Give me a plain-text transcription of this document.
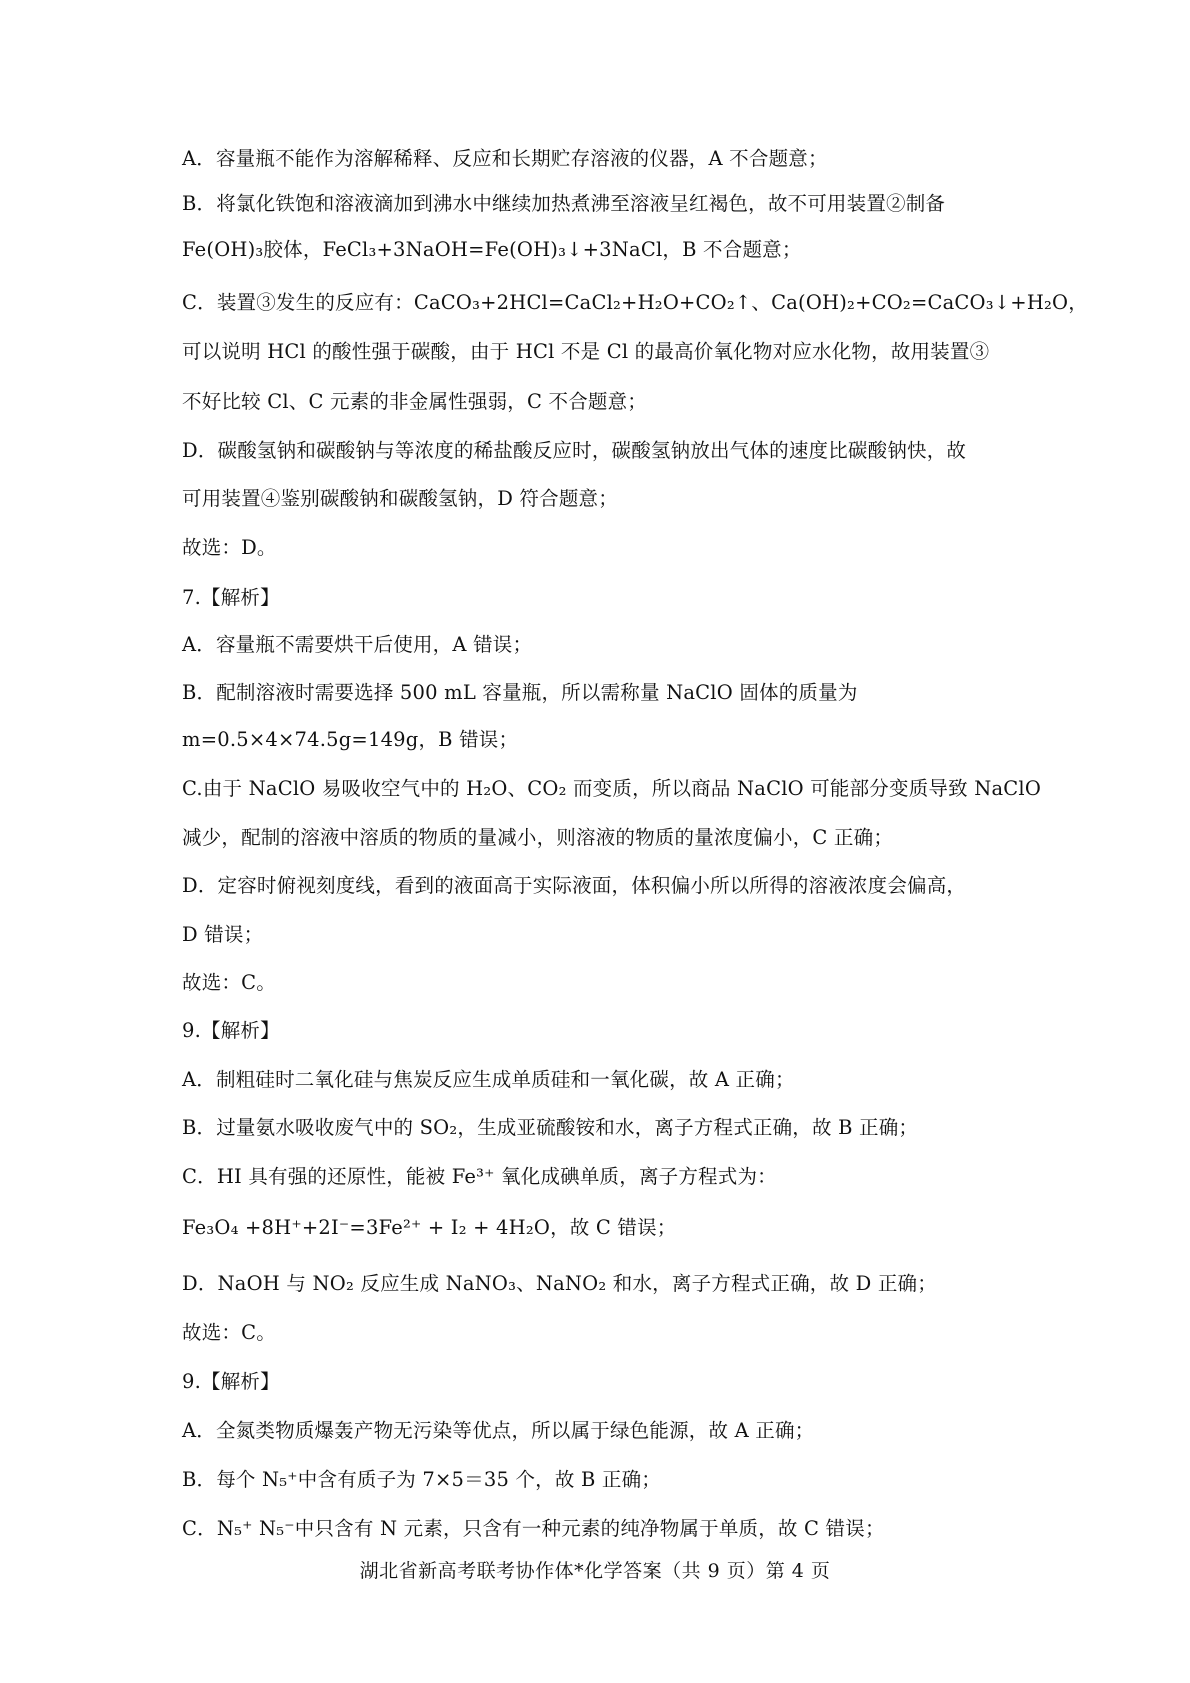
A．容量瓶不能作为溶解稀释、反应和长期贮存溶液的仪器，A 不合题意；
B．将氯化铁饱和溶液滴加到沸水中继续加热煮沸至溶液呈红褐色，故不可用装置②制备
Fe(OH)₃胶体，FeCl₃+3NaOH=Fe(OH)₃↓+3NaCl，B 不合题意；
C．装置③发生的反应有：CaCO₃+2HCl=CaCl₂+H₂O+CO₂↑、Ca(OH)₂+CO₂=CaCO₃↓+H₂O，
可以说明 HCl 的酸性强于碳酸，由于 HCl 不是 Cl 的最高价氧化物对应水化物，故用装置③
不好比较 Cl、C 元素的非金属性强弱，C 不合题意；
D．碳酸氢钠和碳酸钠与等浓度的稀盐酸反应时，碳酸氢钠放出气体的速度比碳酸钠快，故
可用装置④鉴别碳酸钠和碳酸氢钠，D 符合题意；
故选：D。
7.【解析】
A．容量瓶不需要烘干后使用，A 错误；
B．配制溶液时需要选择 500 mL 容量瓶，所以需称量 NaClO 固体的质量为
m=0.5×4×74.5g=149g，B 错误；
C.由于 NaClO 易吸收空气中的 H₂O、CO₂ 而变质，所以商品 NaClO 可能部分变质导致 NaClO
减少，配制的溶液中溶质的物质的量减小，则溶液的物质的量浓度偏小，C 正确；
D．定容时俯视刻度线，看到的液面高于实际液面，体积偏小所以所得的溶液浓度会偏高，
D 错误；
故选：C。
9.【解析】
A．制粗硅时二氧化硅与焦炭反应生成单质硅和一氧化碳，故 A 正确；
B．过量氨水吸收废气中的 SO₂，生成亚硫酸铵和水，离子方程式正确，故 B 正确；
C．HI 具有强的还原性，能被 Fe³⁺ 氧化成碘单质，离子方程式为：
Fe₃O₄ +8H⁺+2I⁻=3Fe²⁺ + I₂ + 4H₂O，故 C 错误；
D．NaOH 与 NO₂ 反应生成 NaNO₃、NaNO₂ 和水，离子方程式正确，故 D 正确；
故选：C。
9.【解析】
A．全氮类物质爆轰产物无污染等优点，所以属于绿色能源，故 A 正确；
B．每个 N₅⁺中含有质子为 7×5＝35 个，故 B 正确；
C．N₅⁺ N₅⁻中只含有 N 元素，只含有一种元素的纯净物属于单质，故 C 错误；
湖北省新高考联考协作体*化学答案（共 9 页）第 4 页
